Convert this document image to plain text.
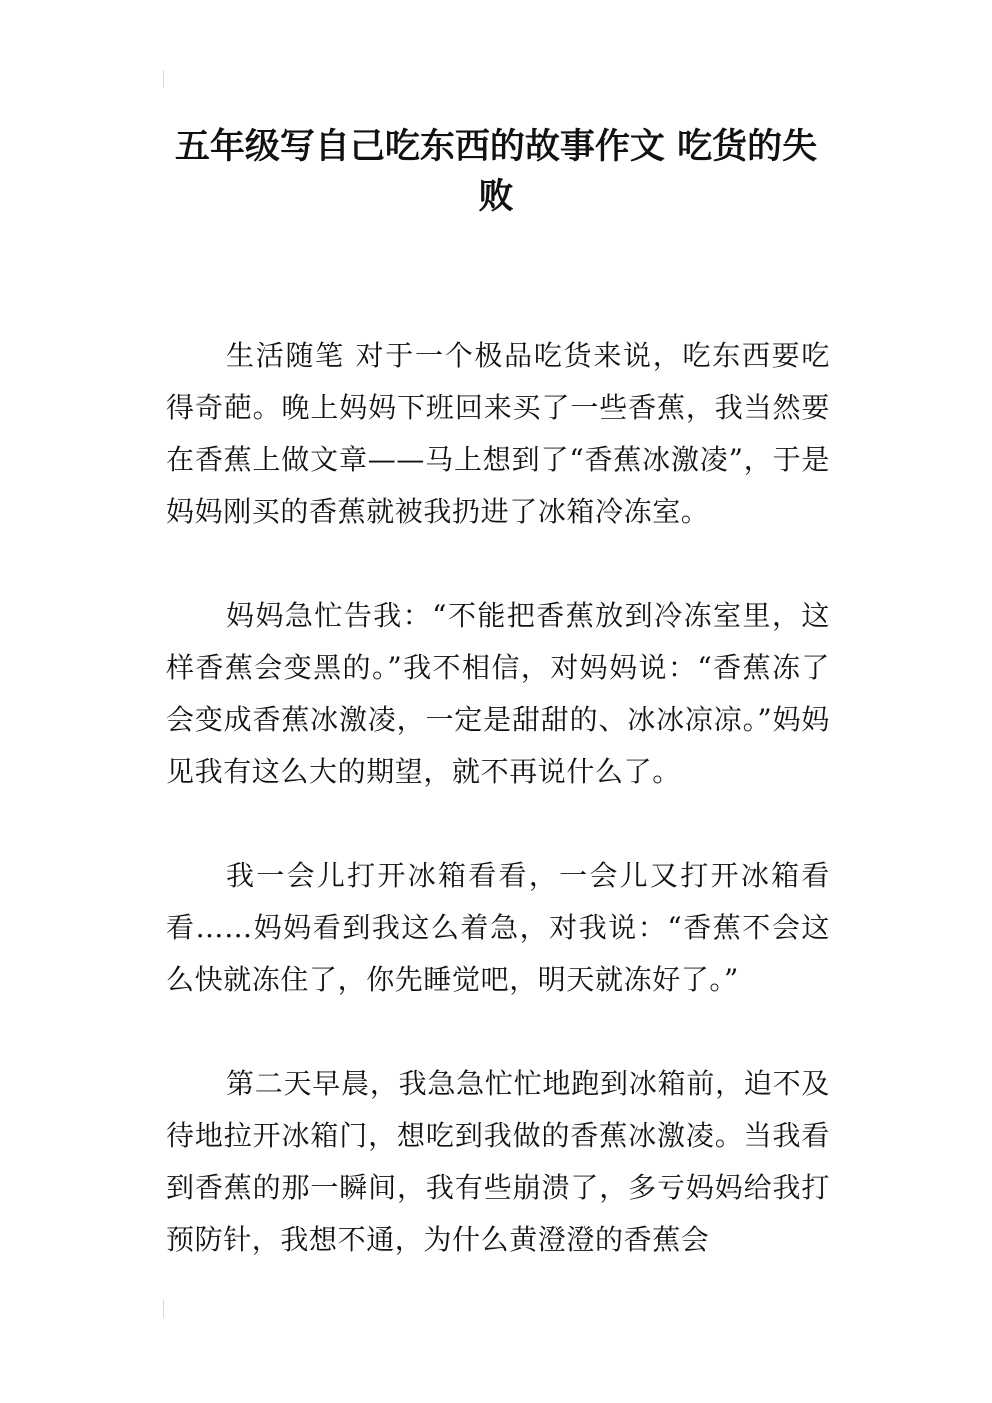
五年级写自己吃东西的故事作文 吃货的失败

生活随笔 对于一个极品吃货来说，吃东西要吃得奇葩。晚上妈妈下班回来买了一些香蕉，我当然要在香蕉上做文章——马上想到了“香蕉冰激凌”，于是妈妈刚买的香蕉就被我扔进了冰箱冷冻室。

妈妈急忙告我：“不能把香蕉放到冷冻室里，这样香蕉会变黑的。”我不相信，对妈妈说：“香蕉冻了会变成香蕉冰激凌，一定是甜甜的、冰冰凉凉。”妈妈见我有这么大的期望，就不再说什么了。

我一会儿打开冰箱看看，一会儿又打开冰箱看看……妈妈看到我这么着急，对我说：“香蕉不会这么快就冻住了，你先睡觉吧，明天就冻好了。”

第二天早晨，我急急忙忙地跑到冰箱前，迫不及待地拉开冰箱门，想吃到我做的香蕉冰激凌。当我看到香蕉的那一瞬间，我有些崩溃了，多亏妈妈给我打预防针，我想不通，为什么黄澄澄的香蕉会
